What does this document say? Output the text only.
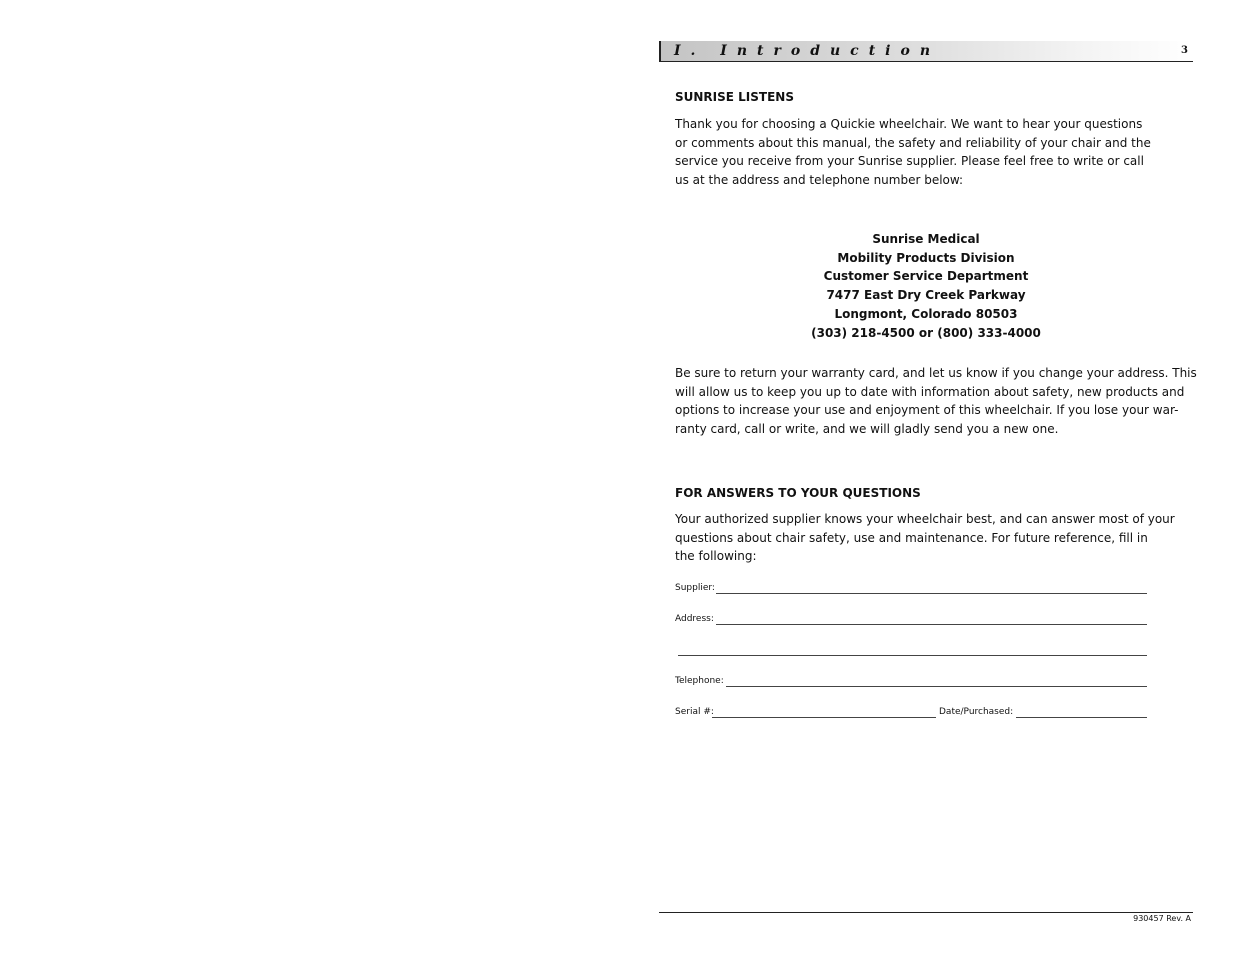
I. Introduction	3
SUNRISE LISTENS
Thank you for choosing a Quickie wheelchair. We want to hear your questions
or comments about this manual, the safety and reliability of your chair and the
service you receive from your Sunrise supplier. Please feel free to write or call
us at the address and telephone number below:
Sunrise Medical
Mobility Products Division
Customer Service Department
7477 East Dry Creek Parkway
Longmont, Colorado 80503
(303) 218-4500 or (800) 333-4000
Be sure to return your warranty card, and let us know if you change your address. This
will allow us to keep you up to date with information about safety, new products and
options to increase your use and enjoyment of this wheelchair. If you lose your war-
ranty card, call or write, and we will gladly send you a new one.
FOR ANSWERS TO YOUR QUESTIONS
Your authorized supplier knows your wheelchair best, and can answer most of your
questions about chair safety, use and maintenance. For future reference, fill in
the following:
Supplier:
Address:
Telephone:
Serial #:	Date/Purchased:
930457 Rev. A
